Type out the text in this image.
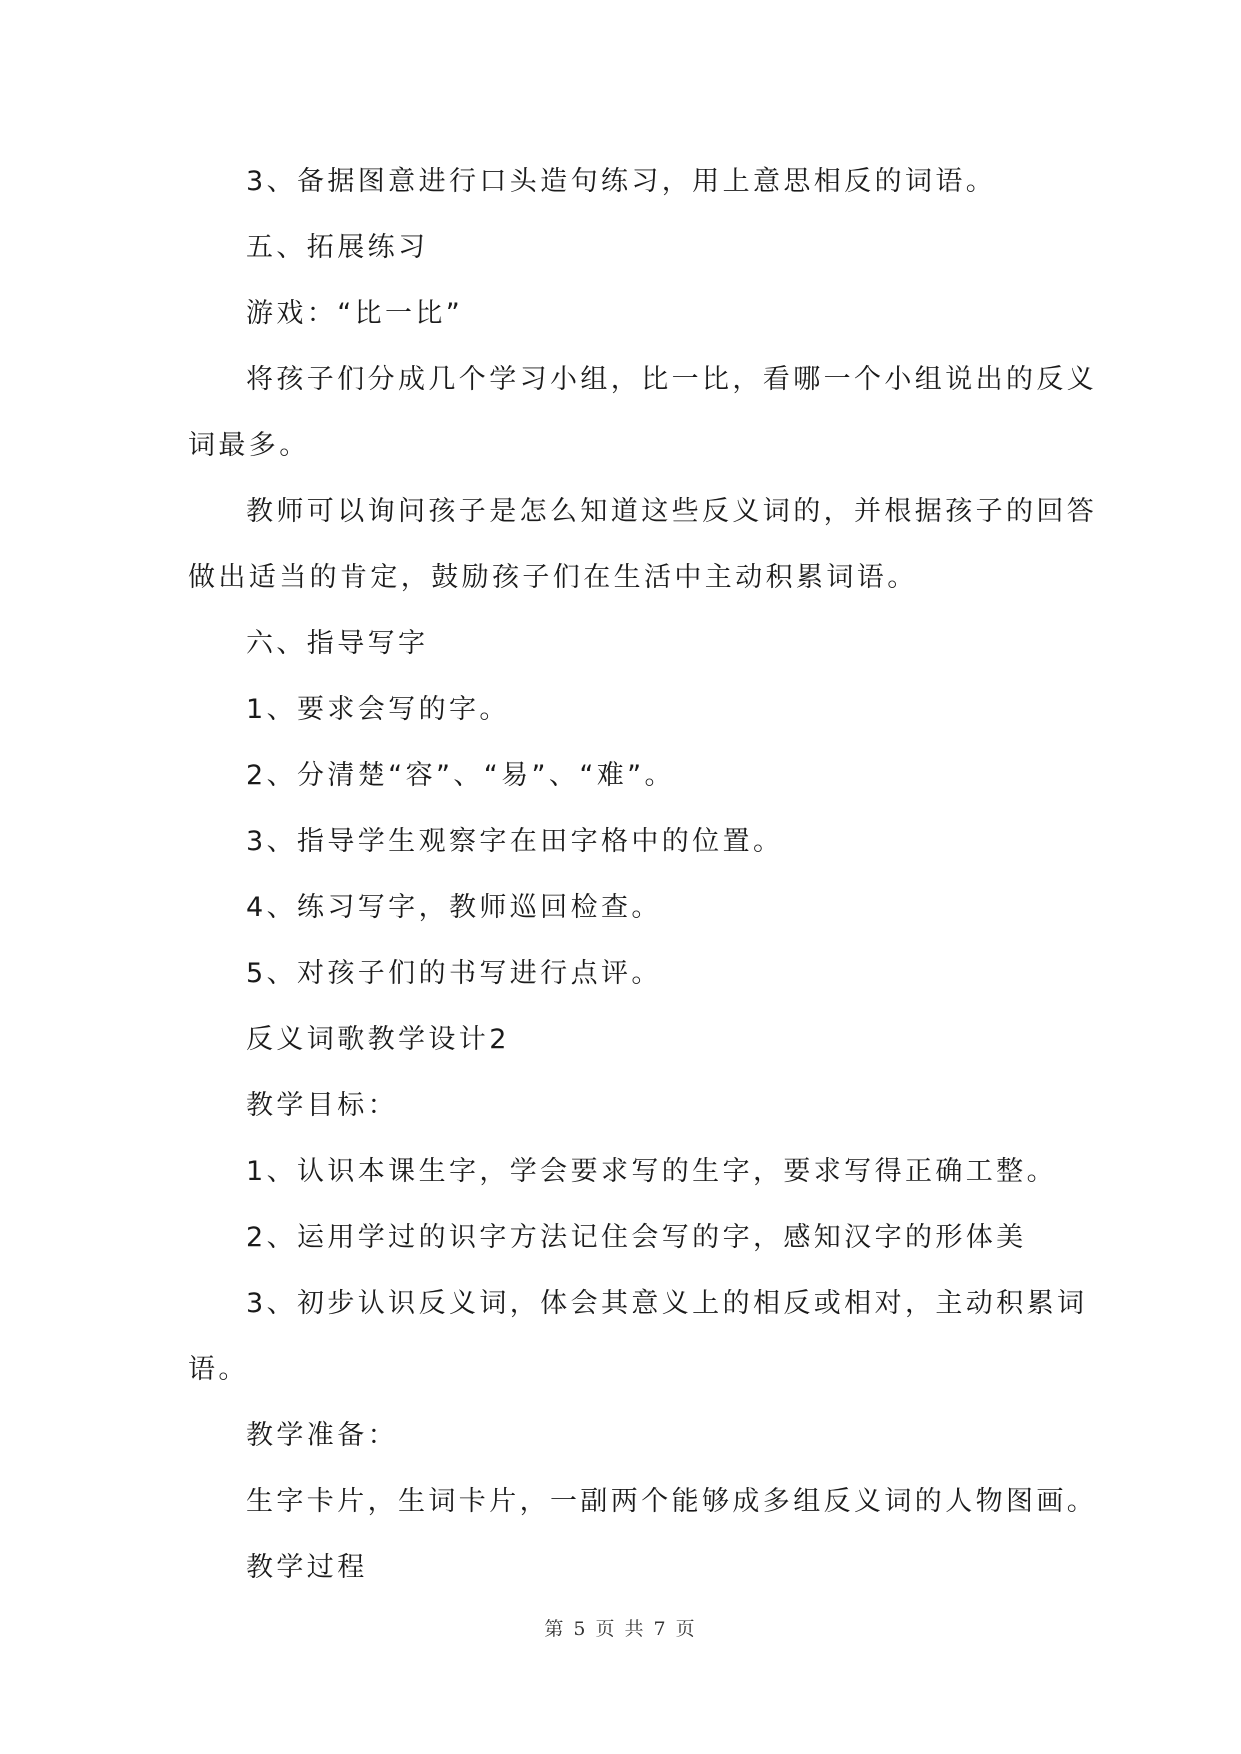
3、备据图意进行口头造句练习，用上意思相反的词语。
五、拓展练习
游戏：“比一比”
将孩子们分成几个学习小组，比一比，看哪一个小组说出的反义
词最多。
教师可以询问孩子是怎么知道这些反义词的，并根据孩子的回答
做出适当的肯定，鼓励孩子们在生活中主动积累词语。
六、指导写字
1、要求会写的字。
2、分清楚“容”、“易”、“难”。
3、指导学生观察字在田字格中的位置。
4、练习写字，教师巡回检查。
5、对孩子们的书写进行点评。
反义词歌教学设计2
教学目标：
1、认识本课生字，学会要求写的生字，要求写得正确工整。
2、运用学过的识字方法记住会写的字，感知汉字的形体美
3、初步认识反义词，体会其意义上的相反或相对，主动积累词
语。
教学准备：
生字卡片，生词卡片，一副两个能够成多组反义词的人物图画。
教学过程
第 5 页 共 7 页
